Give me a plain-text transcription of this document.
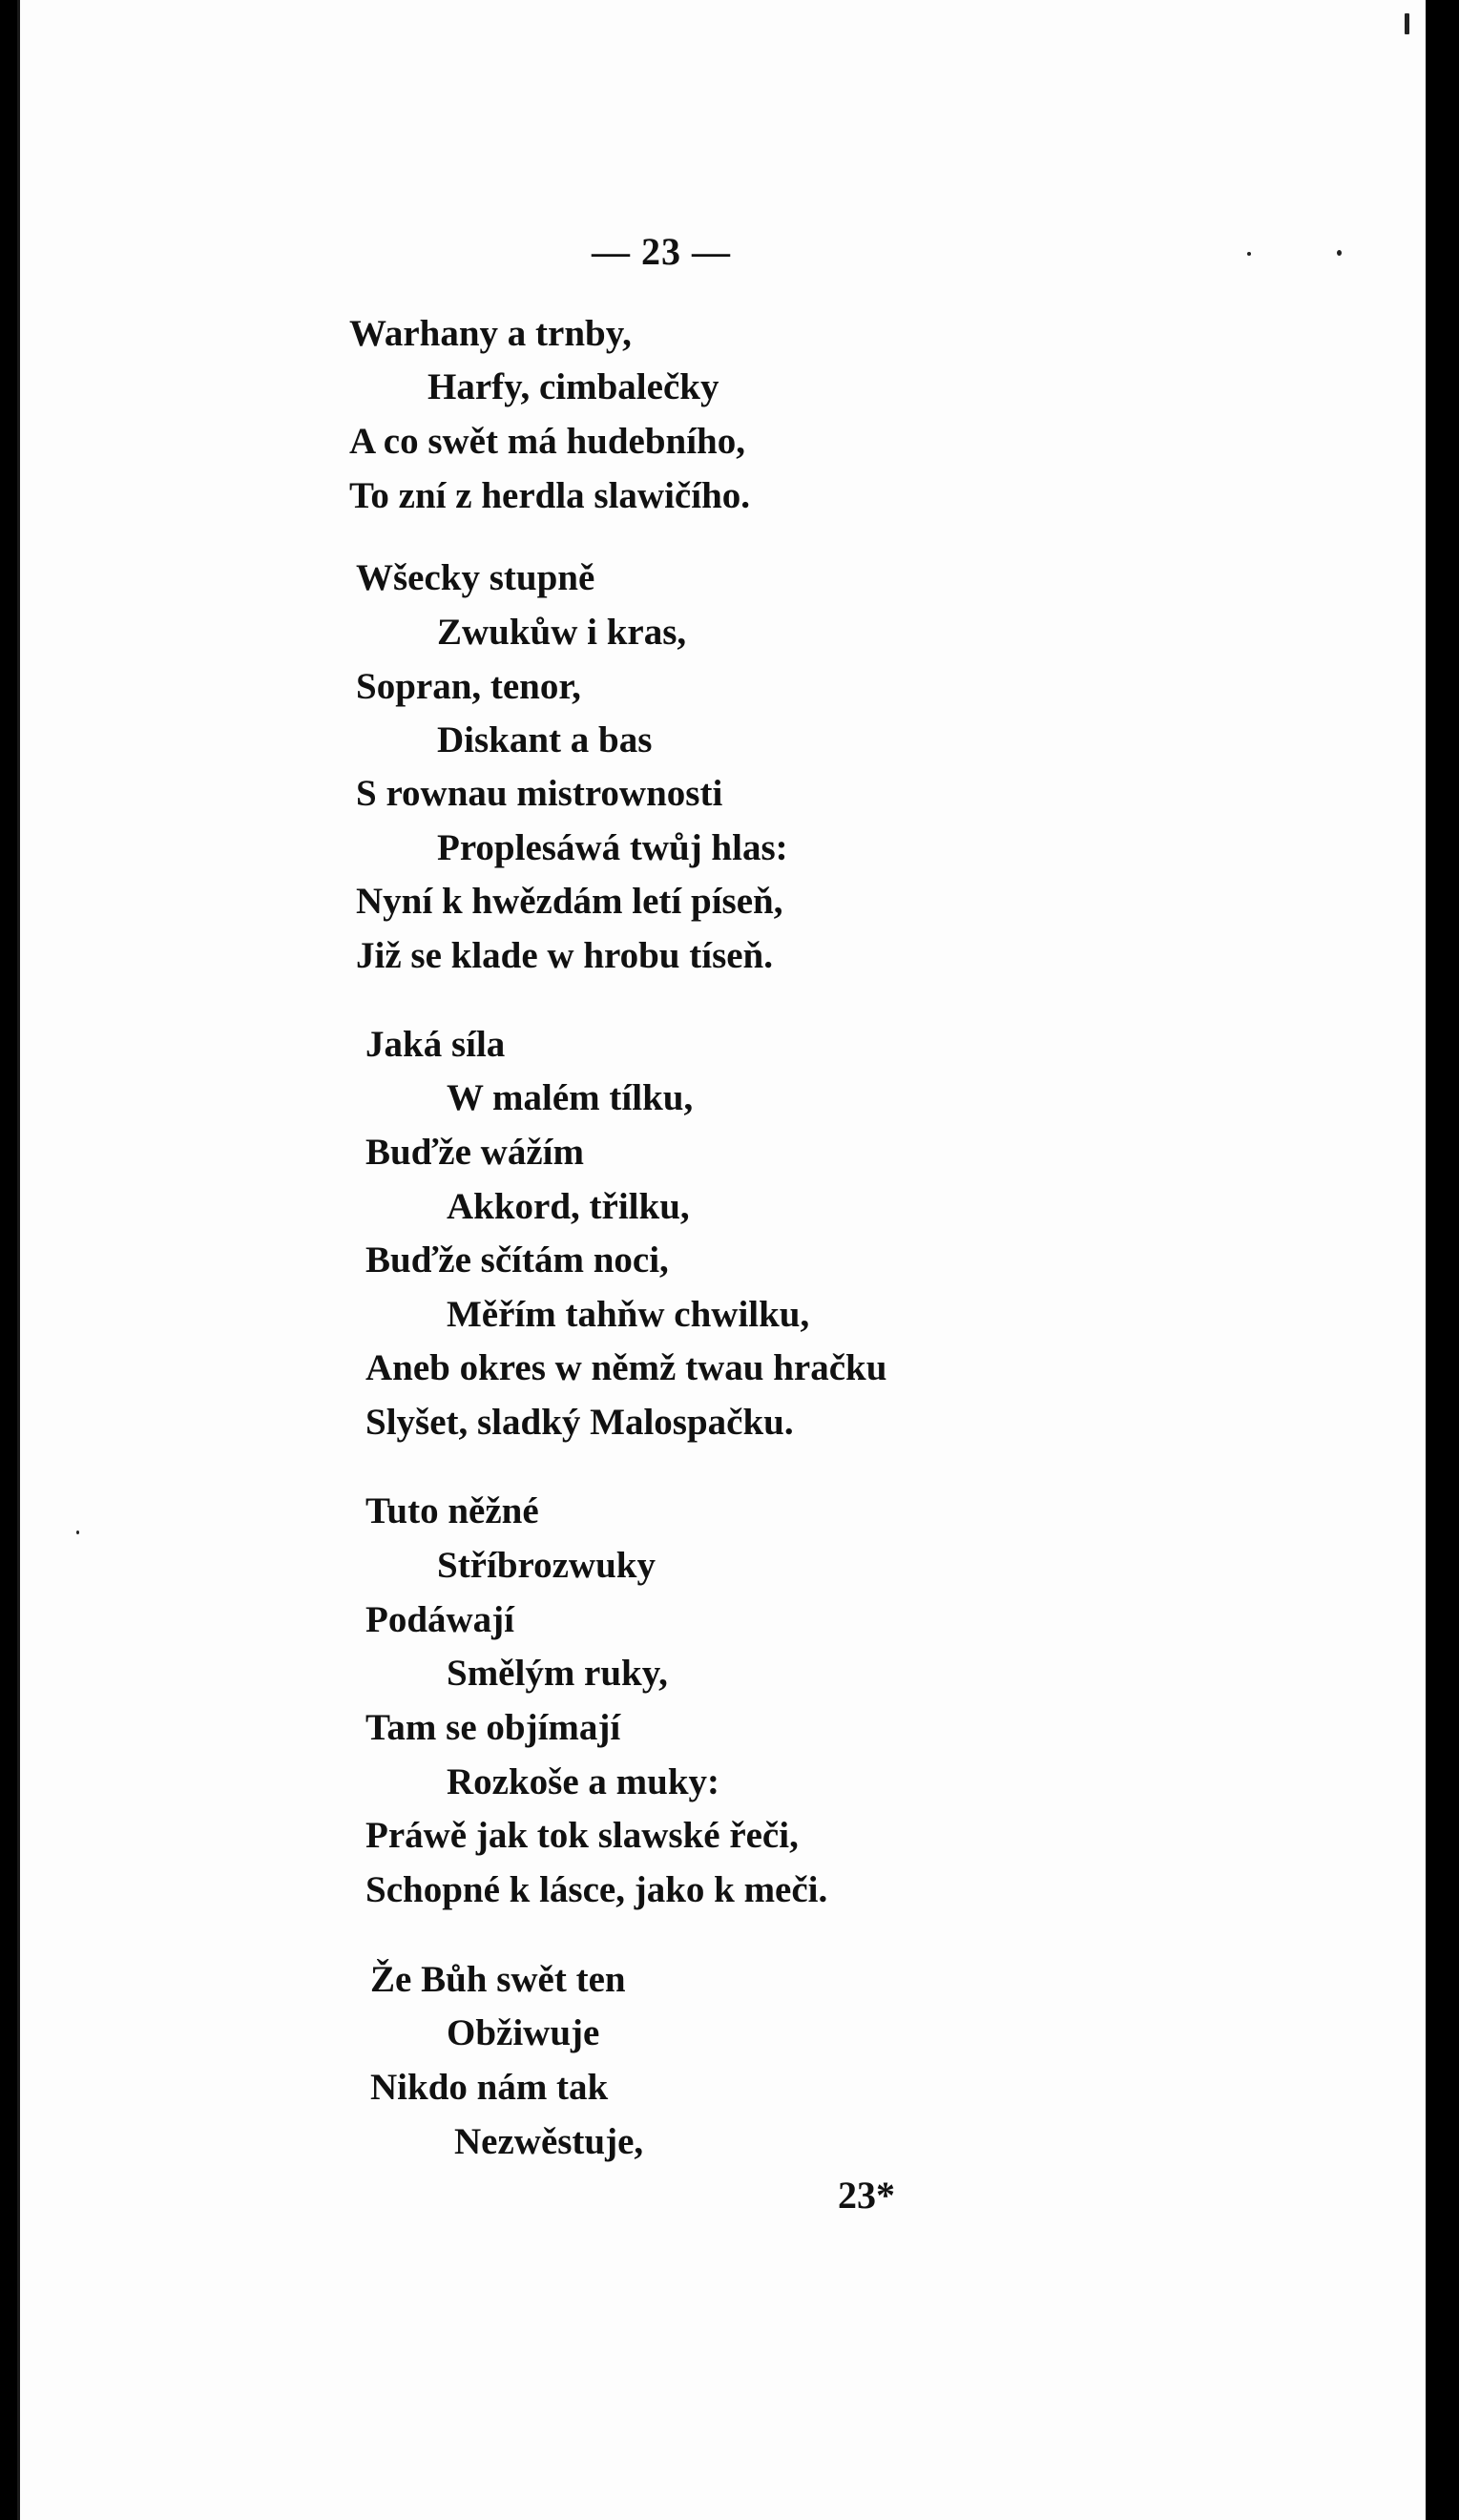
— 23 —
Warhany a trnby,
Harfy, cimbalečky
A co swět má hudebního,
To zní z herdla slawičího.
Wšecky stupně
Zwukůw i kras,
Sopran, tenor,
Diskant a bas
S rownau mistrownosti
Proplesáwá twůj hlas:
Nyní k hwězdám letí píseň,
Již se klade w hrobu tíseň.
Jaká síla
W malém tílku,
Buďže wážím
Akkord, třilku,
Buďže sčítám noci,
Měřím tahňw chwilku,
Aneb okres w němž twau hračku
Slyšet, sladký Malospačku.
Tuto něžné
Stříbrozwuky
Podáwají
Smělým ruky,
Tam se objímají
Rozkoše a muky:
Práwě jak tok slawské řeči,
Schopné k lásce, jako k meči.
Že Bůh swět ten
Obžiwuje
Nikdo nám tak
Nezwěstuje,
23*
